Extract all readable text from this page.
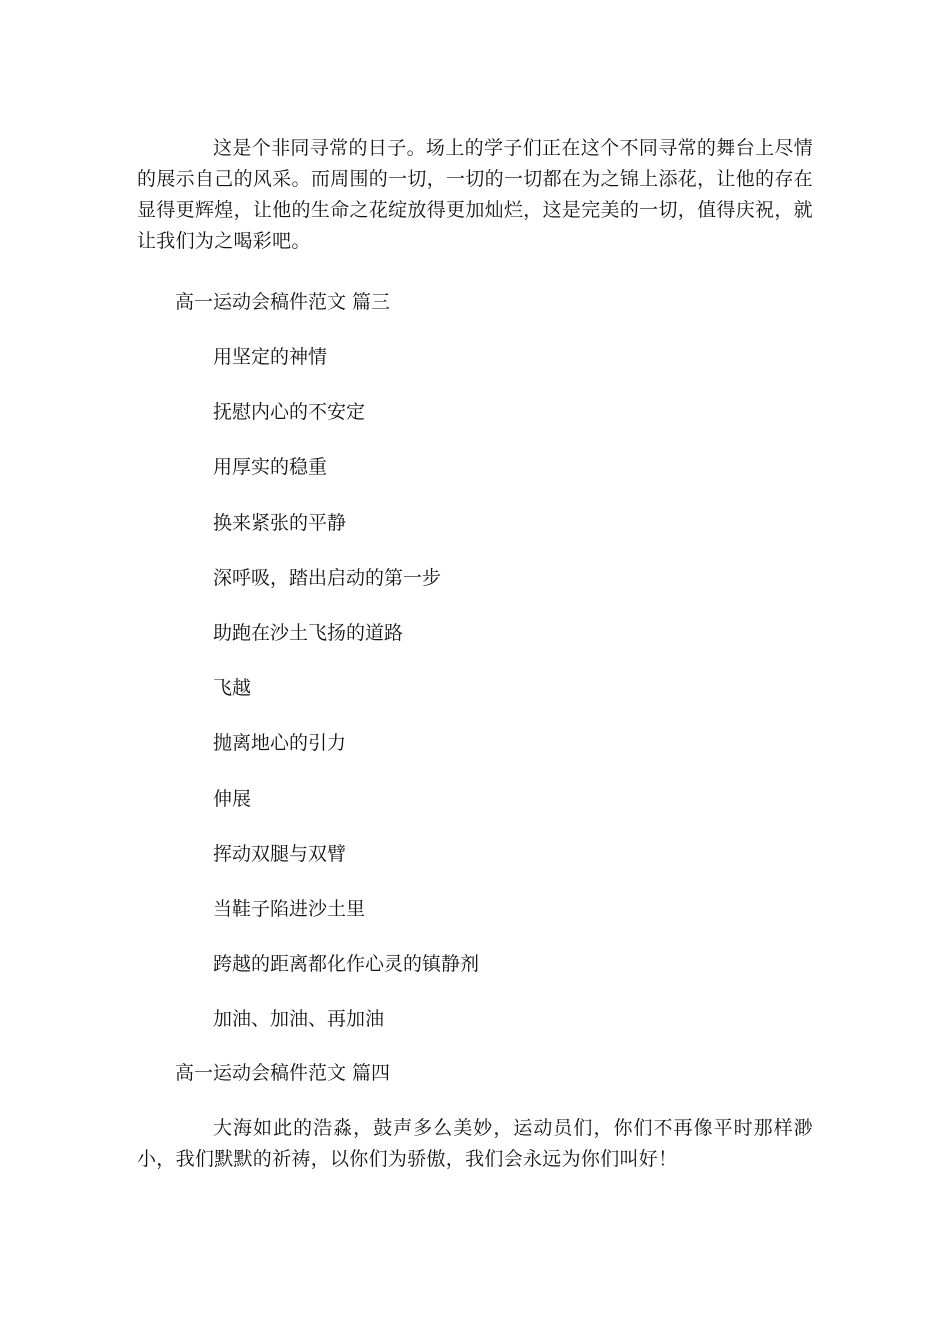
这是个非同寻常的日子。场上的学子们正在这个不同寻常的舞台上尽情的展示自己的风采。而周围的一切，一切的一切都在为之锦上添花，让他的存在显得更辉煌，让他的生命之花绽放得更加灿烂，这是完美的一切，值得庆祝，就让我们为之喝彩吧。

高一运动会稿件范文 篇三

用坚定的神情
抚慰内心的不安定
用厚实的稳重
换来紧张的平静
深呼吸，踏出启动的第一步
助跑在沙土飞扬的道路
飞越
抛离地心的引力
伸展
挥动双腿与双臂
当鞋子陷进沙土里
跨越的距离都化作心灵的镇静剂
加油、加油、再加油

高一运动会稿件范文 篇四

大海如此的浩淼，鼓声多么美妙，运动员们，你们不再像平时那样渺小，我们默默的祈祷，以你们为骄傲，我们会永远为你们叫好！
